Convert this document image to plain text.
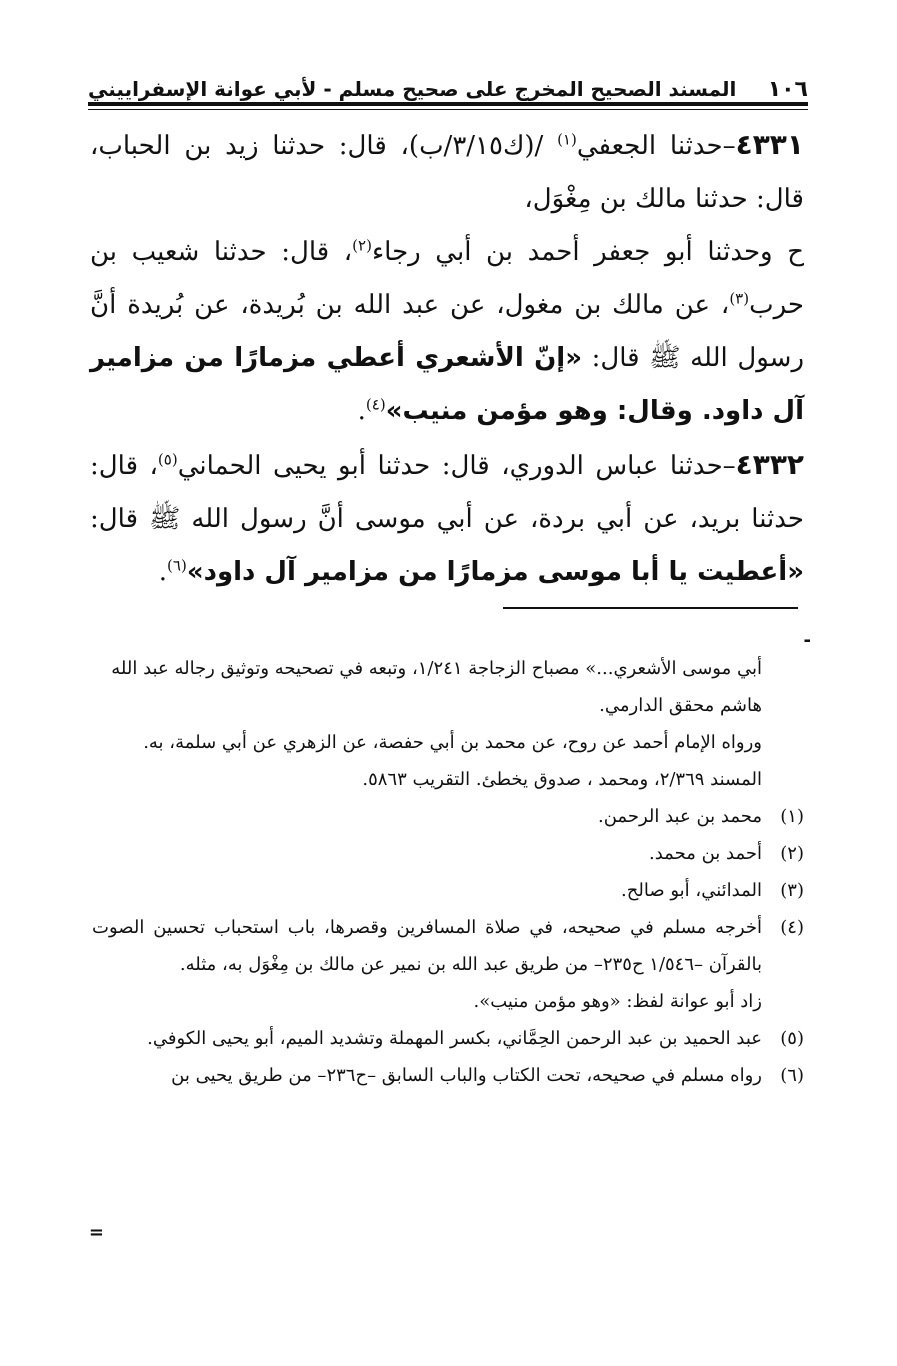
١٠٦
المسند الصحيح المخرج على صحيح مسلم - لأبي عوانة الإسفراييني

٤٣٣١–حدثنا الجعفي$^{(١)}$ /(ك٣/١٥/ب)، قال: حدثنا زيد بن الحباب، قال: حدثنا مالك بن مِغْوَل،

ح وحدثنا أبو جعفر أحمد بن أبي رجاء$^{(٢)}$، قال: حدثنا شعيب بن حرب$^{(٣)}$، عن مالك بن مغول، عن عبد الله بن بُريدة، عن بُريدة أنَّ رسول الله ﷺ قال: «إنّ الأشعري أعطي مزمارًا من مزامير آل داود. وقال: وهو مؤمن منيب»$^{(٤)}$.

٤٣٣٢–حدثنا عباس الدوري، قال: حدثنا أبو يحيى الحماني$^{(٥)}$، قال: حدثنا بريد، عن أبي بردة، عن أبي موسى أنَّ رسول الله ﷺ قال: «أعطيت يا أبا موسى مزمارًا من مزامير آل داود»$^{(٦)}$.

-

أبي موسى الأشعري...» مصباح الزجاجة ١/٢٤١، وتبعه في تصحيحه وتوثيق رجاله عبد الله هاشم محقق الدارمي.

ورواه الإمام أحمد عن روح، عن محمد بن أبي حفصة، عن الزهري عن أبي سلمة، به. المسند ٢/٣٦٩، ومحمد ، صدوق يخطئ. التقريب ٥٨٦٣.

(١)
محمد بن عبد الرحمن.
(٢)
أحمد بن محمد.
(٣)
المدائني، أبو صالح.
(٤)
أخرجه مسلم في صحيحه، في صلاة المسافرين وقصرها، باب استحباب تحسين الصوت بالقرآن –١/٥٤٦ ح٢٣٥– من طريق عبد الله بن نمير عن مالك بن مِغْوَل به، مثله.

زاد أبو عوانة لفظ: «وهو مؤمن منيب».

(٥)
عبد الحميد بن عبد الرحمن الحِمَّاني، بكسر المهملة وتشديد الميم، أبو يحيى الكوفي.
(٦)
رواه مسلم في صحيحه، تحت الكتاب والباب السابق –ح٢٣٦– من طريق يحيى بن
=
